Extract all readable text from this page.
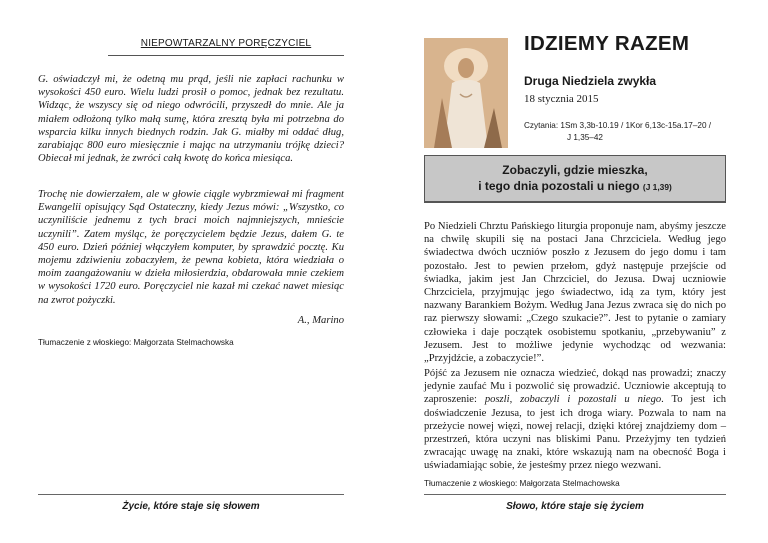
NIEPOWTARZALNY PORĘCZYCIEL

G. oświadczył mi, że odetną mu prąd, jeśli nie zapłaci rachunku w wysokości 450 euro. Wielu ludzi prosił o pomoc, jednak bez rezultatu. Widząc, że wszyscy się od niego odwrócili, przyszedł do mnie. Ale ja miałem odłożoną tylko małą sumę, która zresztą była mi potrzebna do wsparcia kilku innych biednych rodzin. Jak G. miałby mi oddać dług, zarabiając 800 euro miesięcznie i mając na utrzymaniu trójkę dzieci? Obiecał mi jednak, że zwróci całą kwotę do końca miesiąca.

Trochę nie dowierzałem, ale w głowie ciągle wybrzmiewał mi fragment Ewangelii opisujący Sąd Ostateczny, kiedy Jezus mówi: „Wszystko, co uczyniliście jednemu z tych braci moich najmniejszych, mnieście uczynili”. Zatem myśląc, że poręczycielem będzie Jezus, dałem G. te 450 euro. Dzień później włączyłem komputer, by sprawdzić pocztę. Ku mojemu zdziwieniu zobaczyłem, że pewna kobieta, która wiedziała o moim zaangażowaniu w dzieła miłosierdzia, obdarowała mnie czekiem w wysokości 1720 euro. Poręczyciel nie kazał mi czekać nawet miesiąc na zwrot pożyczki.

A., Marino
Tłumaczenie z włoskiego: Małgorzata Stelmachowska
Życie, które staje się słowem
IDZIEMY RAZEM
Druga Niedziela zwykła
18 stycznia 2015
Czytania: 1Sm 3,3b-10.19 / 1Kor 6,13c-15a.17–20 /
J 1,35–42
Zobaczyli, gdzie mieszka,
i tego dnia pozostali u niego (J 1,39)

Po Niedzieli Chrztu Pańskiego liturgia proponuje nam, abyśmy jeszcze na chwilę skupili się na postaci Jana Chrzciciela. Według jego świadectwa dwóch uczniów poszło z Jezusem do jego domu i tam pozostało. Jest to pewien przełom, gdyż następuje przejście od świadka, jakim jest Jan Chrzciciel, do Jezusa. Dwaj uczniowie Chrzciciela, przyjmując jego świadectwo, idą za tym, który jest nazwany Barankiem Bożym. Według Jana Jezus zwraca się do nich po raz pierwszy słowami: „Czego szukacie?”. Jest to pytanie o zamiary człowieka i daje początek osobistemu spotkaniu, „przebywaniu” z Jezusem. Jest to możliwe jedynie wychodząc od wezwania: „Przyjdźcie, a zobaczycie!”.

Pójść za Jezusem nie oznacza wiedzieć, dokąd nas prowadzi; znaczy jedynie zaufać Mu i pozwolić się prowadzić. Uczniowie akceptują to zaproszenie: poszli, zobaczyli i pozostali u niego. To jest ich doświadczenie Jezusa, to jest ich droga wiary. Pozwala to nam na przeżycie nowej więzi, nowej relacji, dzięki której znajdziemy dom – przestrzeń, która uczyni nas bliskimi Panu. Przeżyjmy ten tydzień zwracając uwagę na znaki, które wskazują nam na obecność Boga i uświadamiając sobie, że jesteśmy przez niego wezwani.

Tłumaczenie z włoskiego: Małgorzata Stelmachowska
Słowo, które staje się życiem
